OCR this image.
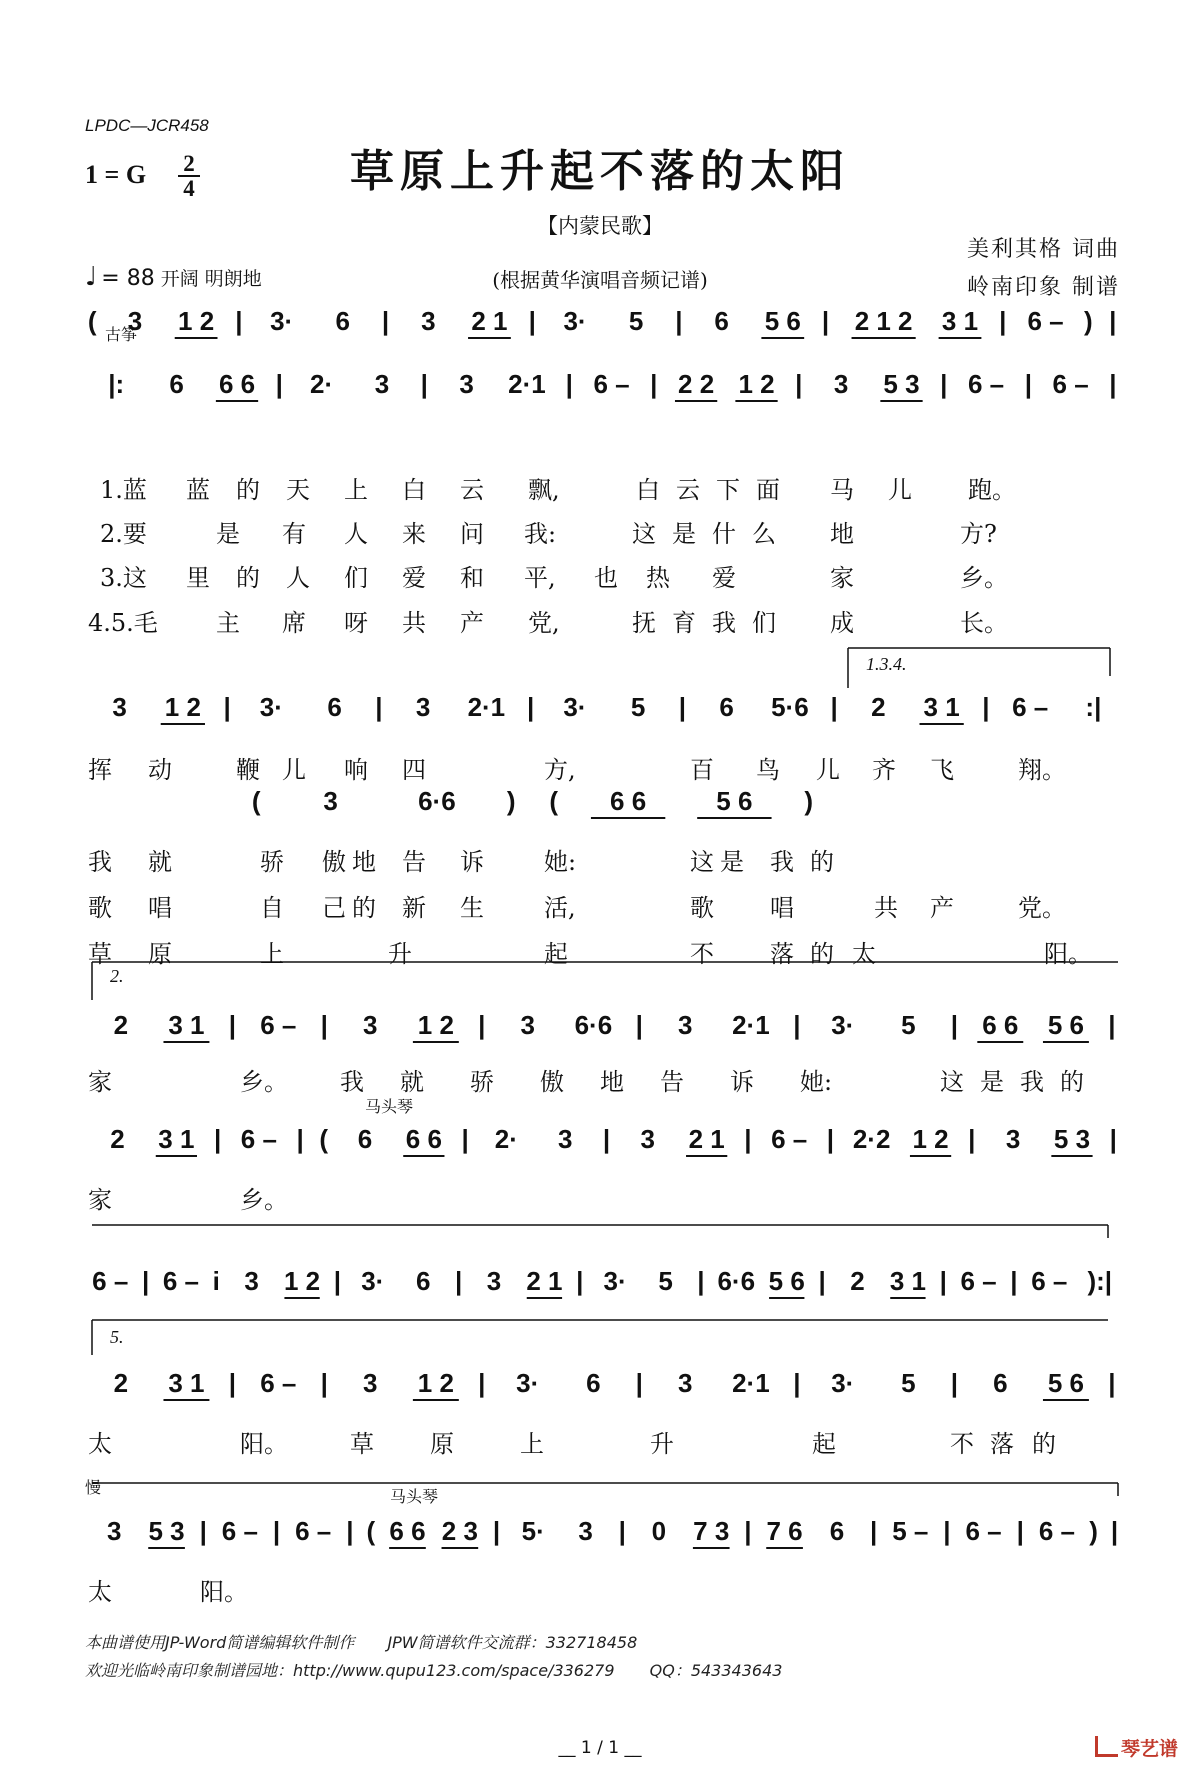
LPDC—JCR458
1 = G 2
4	草原上升起不落的太阳
【内蒙民歌】
(根据黄华演唱音频记谱)
美利其格 词曲
岭南印象 制谱
♩ = 88 开阔 明朗地
古筝
马头琴
慢	马头琴
1.3.4.
2.
5.
( 3 1 2 | 3· 6 | 3 2 1 | 3· 5 | 6 5 6 | 2 1 2 3 1 | 6 – ) |
|: 6 6 6 | 2· 3 | 3 2·1 | 6 – | 2 2 1 2 | 3 5 3 | 6 – | 6 – |
3 1 2 | 3· 6 | 3 2·1 | 3· 5 | 6 5·6 | 2 3 1 | 6 – :|
( 3	6·6 ) ( 6 6	5 6 )
2 3 1 | 6 – | 3 1 2 | 3 6·6 | 3 2·1 | 3· 5 | 6 6 5 6 |
2 3 1 | 6 – | ( 6 6 6 | 2· 3 | 3 2 1 | 6 – | 2·2 1 2 | 3 5 3 |
6 – | 6 – i 3 1 2 | 3· 6 | 3 2 1 | 3· 5 | 6·6 5 6 | 2 3 1 | 6 – | 6 – ):|
2 3 1 | 6 – | 3 1 2 | 3· 6 | 3 2·1 | 3· 5 | 6 5 6 |
3 5 3 | 6 – | 6 – | ( 6 6 2 3 | 5· 3 | 0 7 3 | 7 6 6 | 5 – | 6 – | 6 – ) |
1.蓝 蓝 的 天 上 白 云 飘,	白 云 下 面 马 儿 跑。
2.要	是 有 人 来 问 我:	这 是 什 么 地	方?
3.这 里 的 人 们 爱 和 平, 也 热 爱	家	乡。
4.5.毛 主 席 呀 共 产 党,	抚 育 我 们 成	长。
挥 动	鞭 儿 响 四	方,	百 鸟 儿 齐 飞	翔。
我 就	骄 傲 地 告 诉	她:	这 是 我 的
歌 唱	自 己 的 新 生	活,	歌 唱	共 产	党。
草 原	上	升	起	不 落 的 太	阳。
家	乡。 我 就 骄 傲 地 告 诉 她:	这 是 我 的
家	乡。
太	阳。	草 原	上	升	起	不 落 的
太	阳。
本曲谱使用JP-Word简谱编辑软件制作 JPW简谱软件交流群：332718458
欢迎光临岭南印象制谱园地：http://www.qupu123.com/space/336279 QQ：543343643
__ 1 / 1 __	琴艺谱
